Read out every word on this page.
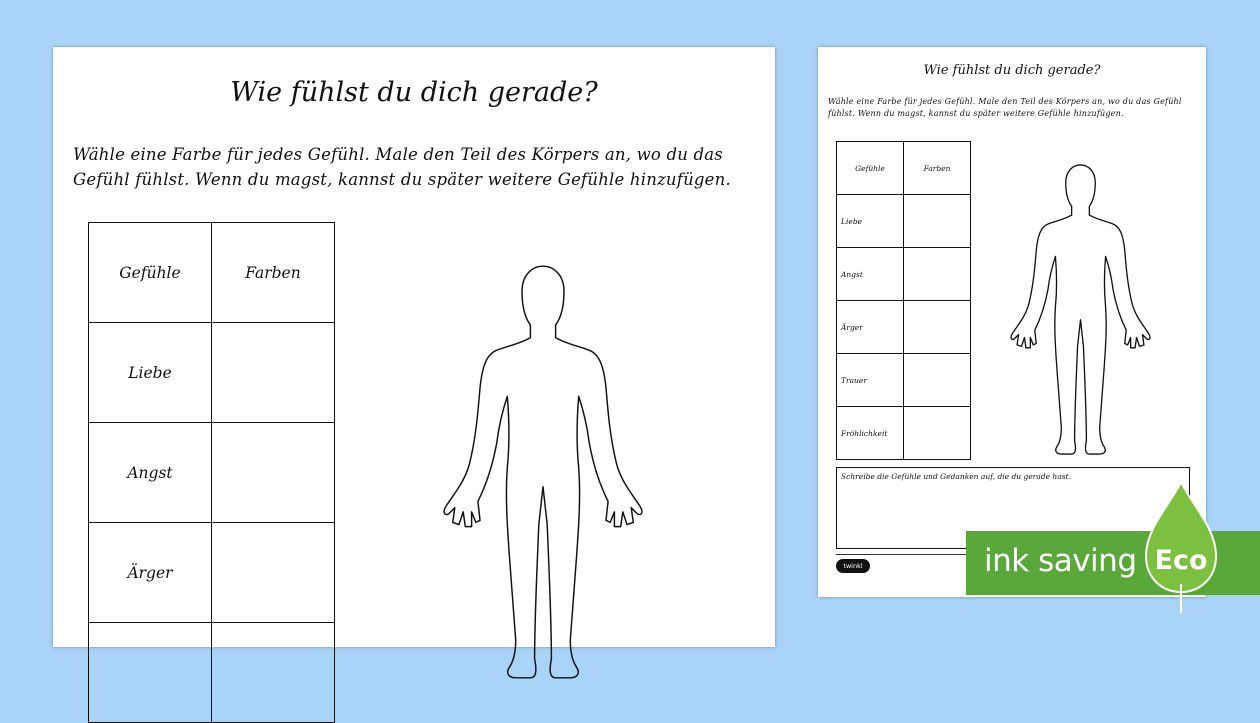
Wie fühlst du dich gerade?
Wähle eine Farbe für jedes Gefühl. Male den Teil des Körpers an, wo du das Gefühl fühlst. Wenn du magst, kannst du später weitere Gefühle hinzufügen.
Gefühle	Farben
Liebe	
Angst	
Ärger	

Wie fühlst du dich gerade?
Wähle eine Farbe für jedes Gefühl. Male den Teil des Körpers an, wo du das Gefühl fühlst. Wenn du magst, kannst du später weitere Gefühle hinzufügen.
Gefühle	Farben
Liebe	
Angst	
Ärger	
Trauer	
Fröhlichkeit	
Schreibe die Gefühle und Gedanken auf, die du gerade hast.
twinkl	ink saving Eco
